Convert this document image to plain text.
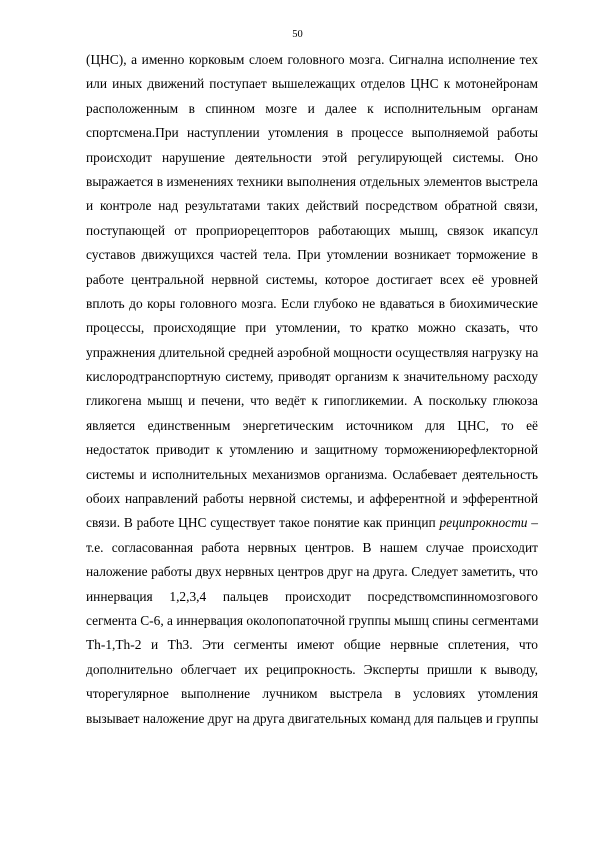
50
(ЦНС), а именно корковым слоем головного мозга. Сигнална исполнение тех
или иных движений поступает вышележащих отделов ЦНС к мотонейронам
расположенным в спинном мозге и далее к исполнительным органам
спортсмена.При наступлении утомления в процессе выполняемой работы
происходит нарушение деятельности этой регулирующей системы. Оно
выражается в изменениях техники выполнения отдельных элементов выстрела
и контроле над результатами таких действий посредством обратной связи,
поступающей от проприорецепторов работающих мышц, связок икапсул
суставов движущихся частей тела. При утомлении возникает торможение в
работе центральной нервной системы, которое достигает всех её уровней
вплоть до коры головного мозга. Если глубоко не вдаваться в биохимические
процессы, происходящие при утомлении, то кратко можно сказать, что
упражнения длительной средней аэробной мощности осуществляя нагрузку на
кислородтранспортную систему, приводят организм к значительному расходу
гликогена мышц и печени, что ведёт к гипогликемии. А поскольку глюкоза
является единственным энергетическим источником для ЦНС, то её
недостаток приводит к утомлению и защитному торможениюрефлекторной
системы и исполнительных механизмов организма. Ослабевает деятельность
обоих направлений работы нервной системы, и афферентной и эфферентной
связи. В работе ЦНС существует такое понятие как принцип реципрокности –
т.е. согласованная работа нервных центров. В нашем случае происходит
наложение работы двух нервных центров друг на друга. Следует заметить, что
иннервация 1,2,3,4 пальцев происходит посредствомспинномозгового
сегмента С-6, а иннервация околопопаточной группы мышц спины сегментами
Th-1,Th-2 и Th3. Эти сегменты имеют общие нервные сплетения, что
дополнительно облегчает их реципрокность. Эксперты пришли к выводу,
чторегулярное выполнение лучником выстрела в условиях утомления
вызывает наложение друг на друга двигательных команд для пальцев и группы
